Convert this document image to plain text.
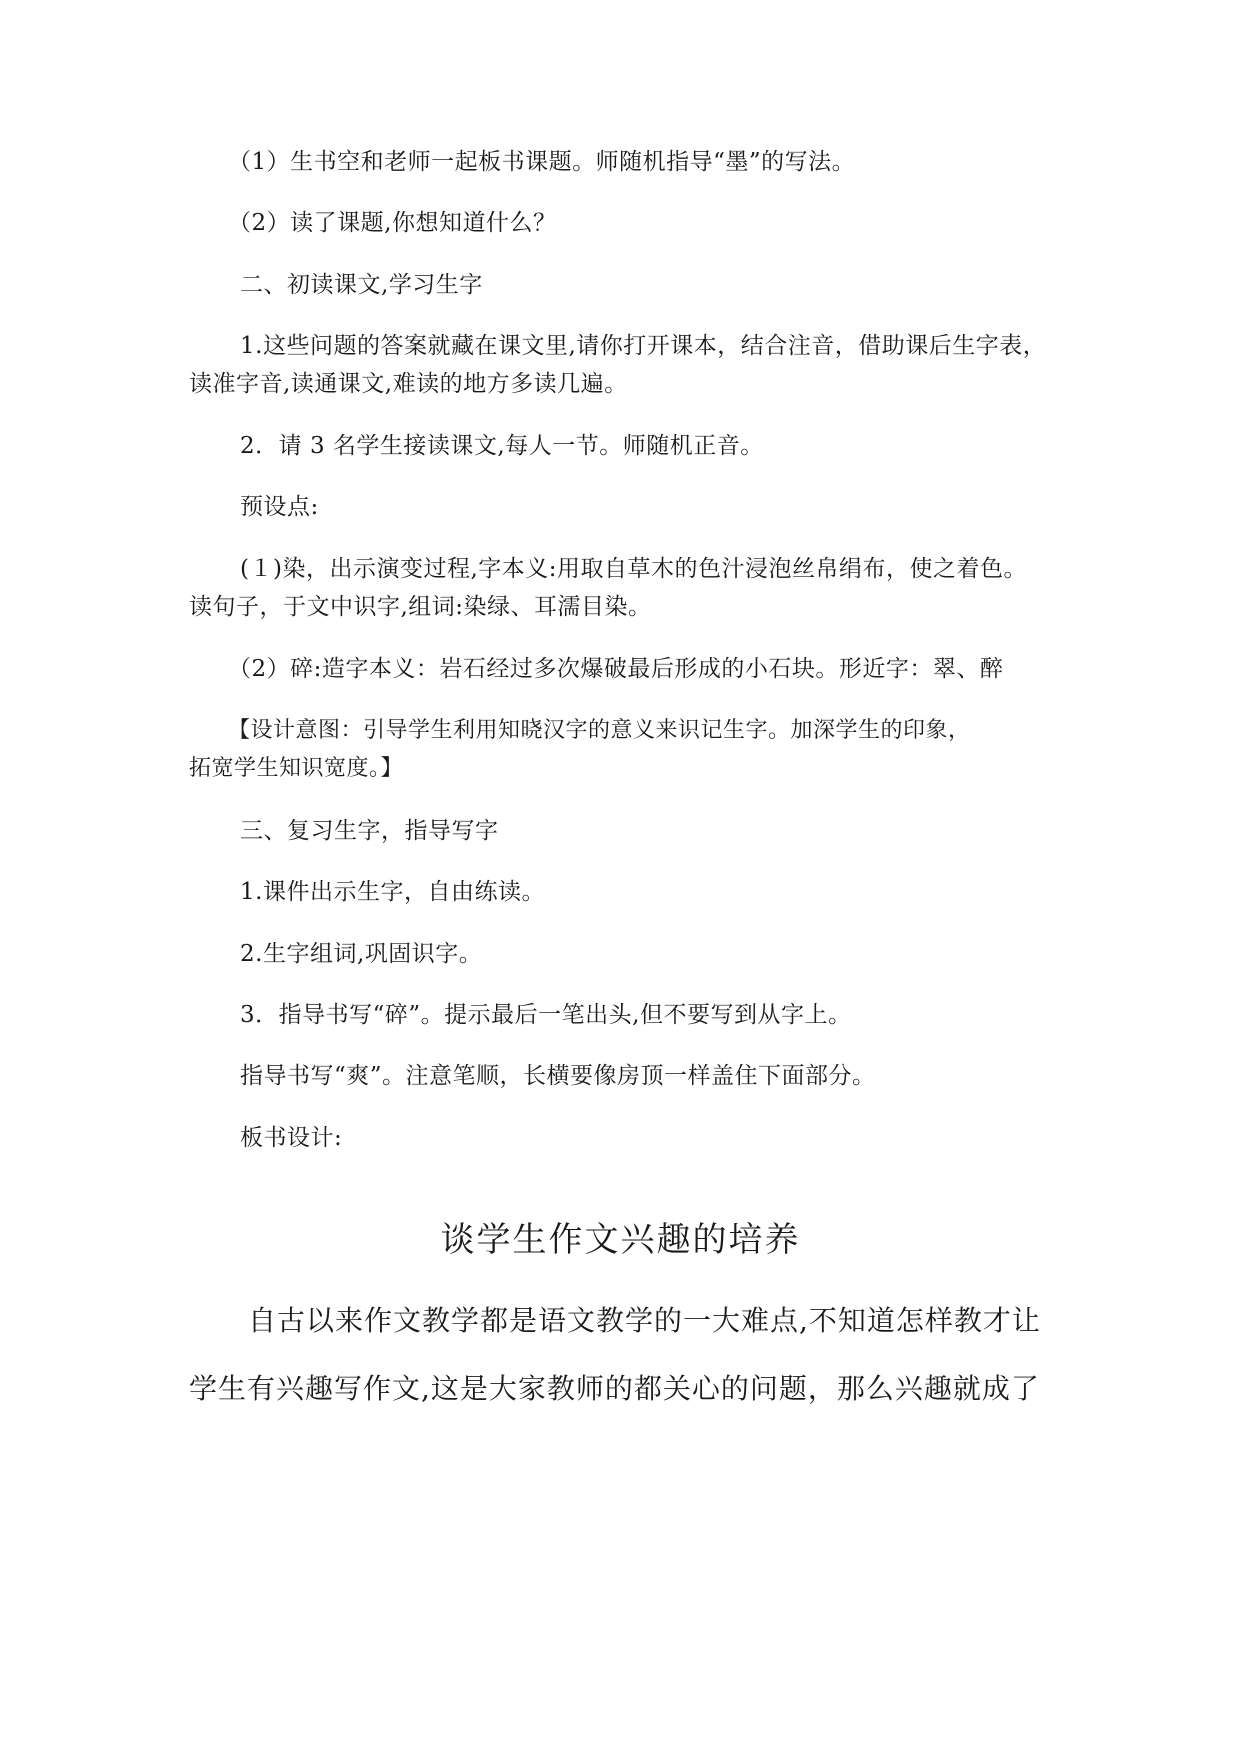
（1）生书空和老师一起板书课题。师随机指导“墨”的写法。
（2）读了课题,你想知道什么？
二、初读课文,学习生字
1.这些问题的答案就藏在课文里,请你打开课本，结合注音，借助课后生字表，
读准字音,读通课文,难读的地方多读几遍。
2．请 3 名学生接读课文,每人一节。师随机正音。
预设点:
(１)染，出示演变过程,字本义:用取自草木的色汁浸泡丝帛绢布，使之着色。
读句子，于文中识字,组词:染绿、耳濡目染。
（2）碎:造字本义：岩石经过多次爆破最后形成的小石块。形近字：翠、醉
【设计意图：引导学生利用知晓汉字的意义来识记生字。加深学生的印象，
拓宽学生知识宽度。】
三、复习生字，指导写字
1.课件出示生字，自由练读。
2.生字组词,巩固识字。
3．指导书写“碎”。提示最后一笔出头,但不要写到从字上。
指导书写“爽”。注意笔顺，长横要像房顶一样盖住下面部分。
板书设计:
谈学生作文兴趣的培养
自古以来作文教学都是语文教学的一大难点,不知道怎样教才让
学生有兴趣写作文,这是大家教师的都关心的问题，那么兴趣就成了
